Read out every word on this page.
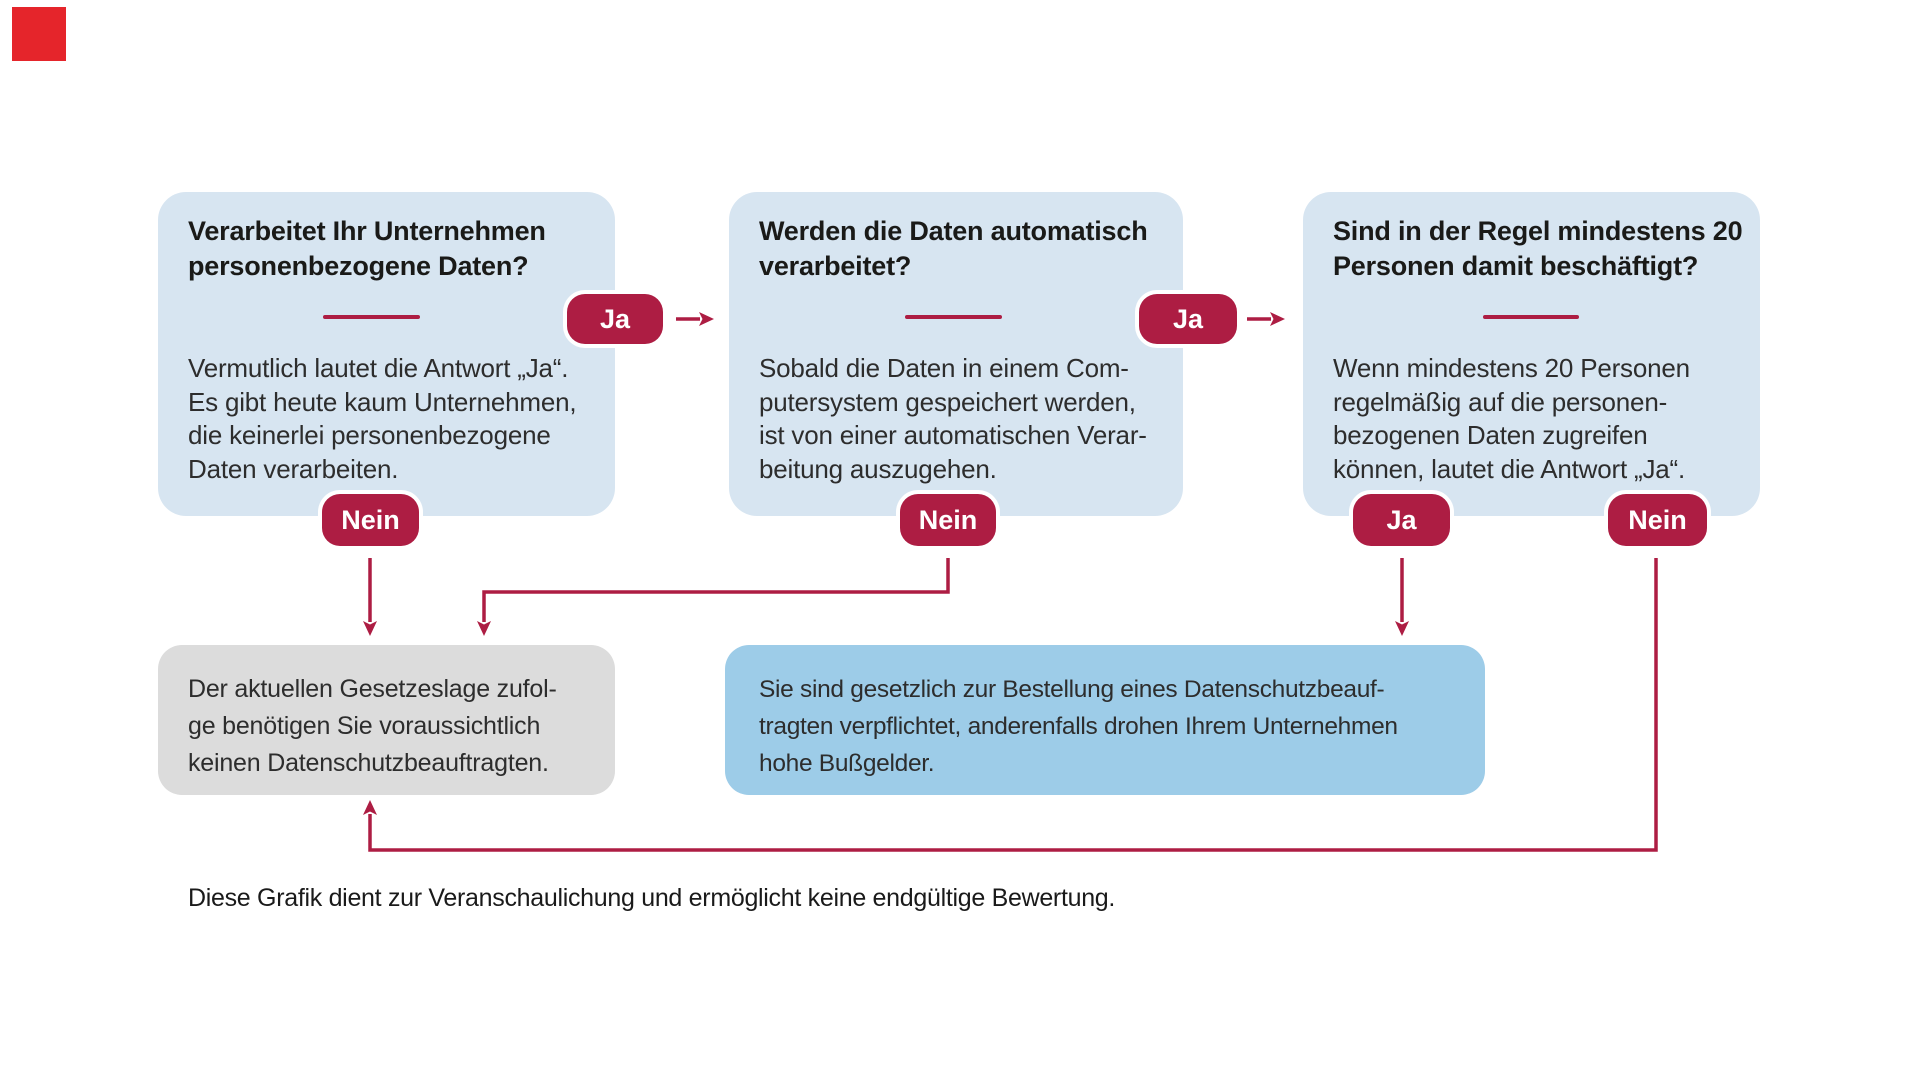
Verarbeitet Ihr Unternehmen
personenbezogene Daten?
Vermutlich lautet die Antwort „Ja“.
Es gibt heute kaum Unternehmen,
die keinerlei personenbezogene
Daten verarbeiten.
Werden die Daten automatisch
verarbeitet?
Sobald die Daten in einem Com-
putersystem gespeichert werden,
ist von einer automatischen Verar-
beitung auszugehen.
Sind in der Regel mindestens 20
Personen damit beschäftigt?
Wenn mindestens 20 Personen
regelmäßig auf die personen-
bezogenen Daten zugreifen
können, lautet die Antwort „Ja“.
Ja	Ja
Nein	Nein	Ja	Nein
Der aktuellen Gesetzeslage zufol-
ge benötigen Sie voraussichtlich
keinen Datenschutzbeauftragten.
Sie sind gesetzlich zur Bestellung eines Datenschutzbeauf-
tragten verpflichtet, anderenfalls drohen Ihrem Unternehmen
hohe Bußgelder.
Diese Grafik dient zur Veranschaulichung und ermöglicht keine endgültige Bewertung.
